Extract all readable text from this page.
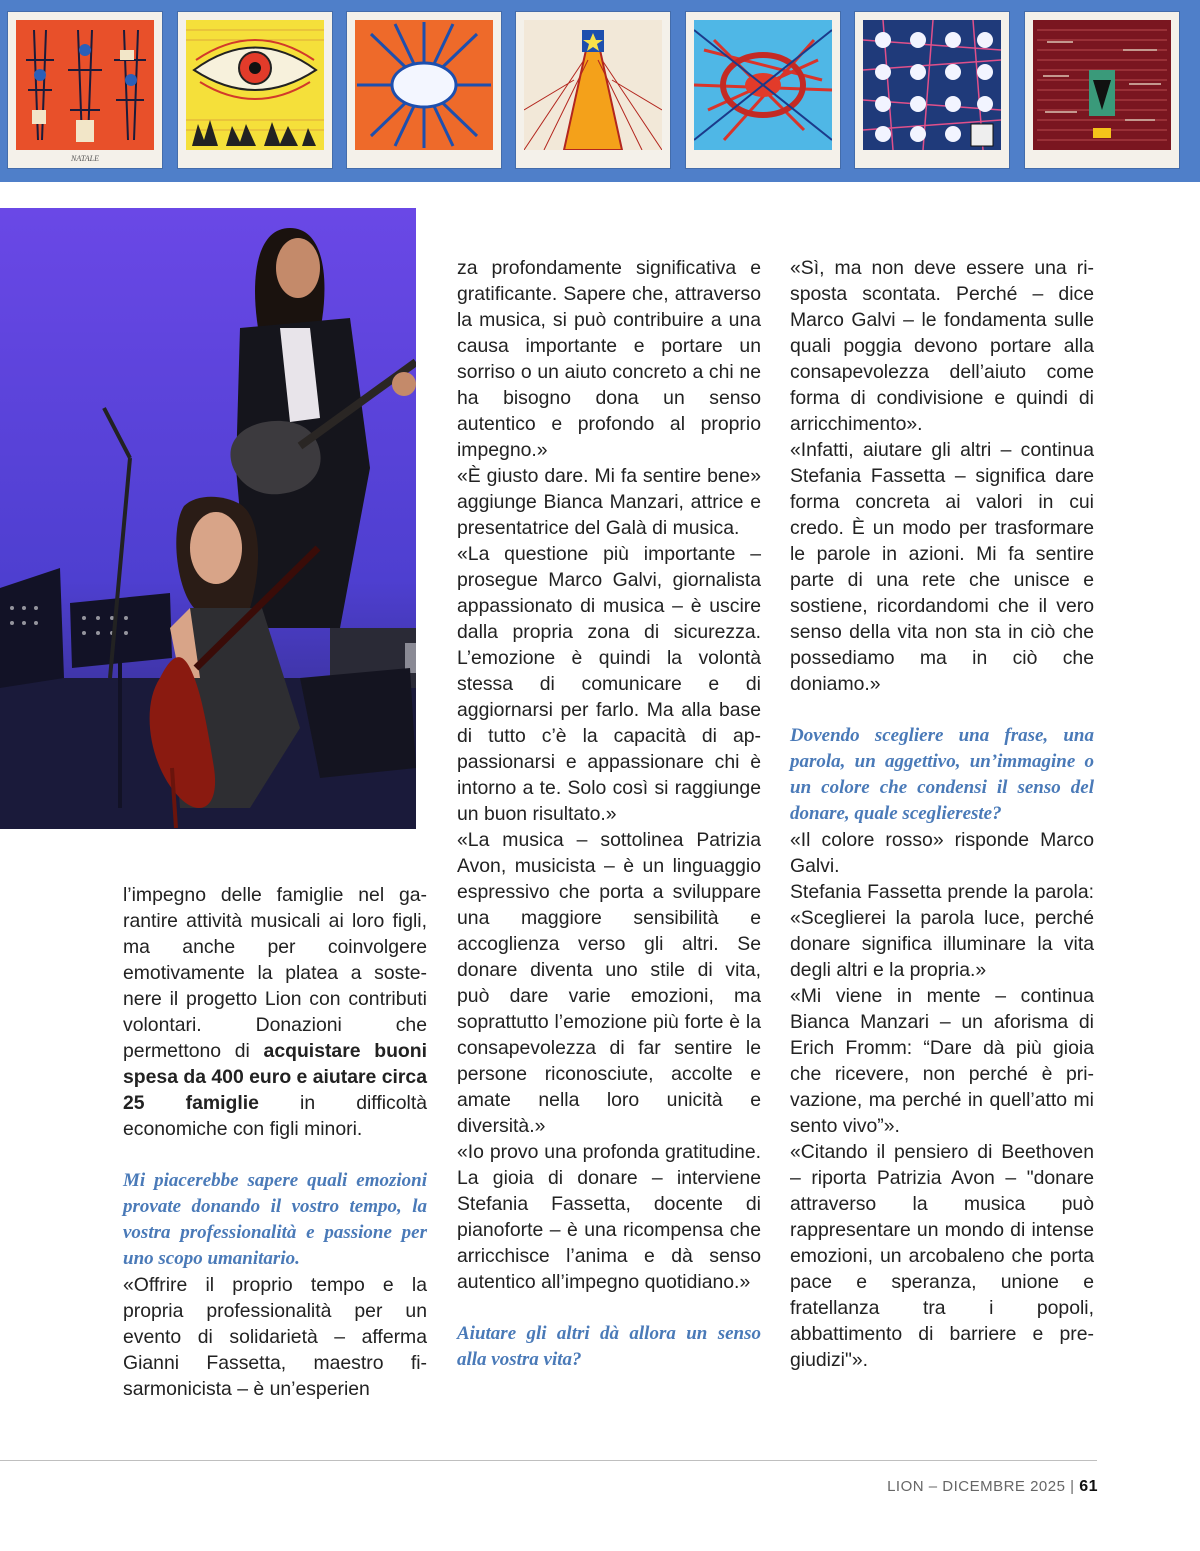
NATALE

l’impegno delle famiglie nel garantire attività musicali ai loro figli, ma anche per coinvolgere emotivamente la platea a sostenere il progetto Lion con contributi volontari. Donazioni che permettono di acquistare buoni spesa da 400 euro e aiutare circa 25 famiglie in difficoltà economiche con figli minori.

Mi piacerebbe sapere quali emozioni provate donando il vostro tempo, la vostra professionalità e passione per uno scopo umanitario.

«Offrire il proprio tempo e la propria professionalità per un evento di solidarietà – afferma Gianni Fassetta, maestro fisarmonicista – è un’esperien

za profondamente significativa e gratificante. Sapere che, attraverso la musica, si può contribuire a una causa importante e portare un sorriso o un aiuto concreto a chi ne ha bisogno dona un senso autentico e profondo al proprio impegno.»

«È giusto dare. Mi fa sentire bene» aggiunge Bianca Manzari, attrice e presentatrice del Galà di musica.

«La questione più importante – prosegue Marco Galvi, giornalista appassionato di musica – è uscire dalla propria zona di sicurezza. L’emozione è quindi la volontà stessa di comunicare e di aggiornarsi per farlo. Ma alla base di tutto c’è la capacità di appassionarsi e appassionare chi è intorno a te. Solo così si raggiunge un buon risultato.»

«La musica – sottolinea Patrizia Avon, musicista – è un linguaggio espressivo che porta a sviluppare una maggiore sensibilità e accoglienza verso gli altri. Se donare diventa uno stile di vita, può dare varie emozioni, ma soprattutto l’emozione più forte è la consapevolezza di far sentire le persone riconosciute, accolte e amate nella loro unicità e diversità.»

«Io provo una profonda gratitudine. La gioia di donare – interviene Stefania Fassetta, docente di pianoforte – è una ricompensa che arricchisce l’anima e dà senso autentico all’impegno quotidiano.»

Aiutare gli altri dà allora un senso alla vostra vita?

«Sì, ma non deve essere una risposta scontata. Perché – dice Marco Galvi – le fondamenta sulle quali poggia devono portare alla consapevolezza dell’aiuto come forma di condivisione e quindi di arricchimento».

«Infatti, aiutare gli altri – continua Stefania Fassetta – significa dare forma concreta ai valori in cui credo. È un modo per trasformare le parole in azioni. Mi fa sentire parte di una rete che unisce e sostiene, ricordandomi che il vero senso della vita non sta in ciò che possediamo ma in ciò che doniamo.»

Dovendo scegliere una frase, una parola, un aggettivo, un’immagine o un colore che condensi il senso del donare, quale scegliereste?

«Il colore rosso» risponde Marco Galvi.

Stefania Fassetta prende la parola: «Sceglierei la parola luce, perché donare significa illuminare la vita degli altri e la propria.»

«Mi viene in mente – continua Bianca Manzari – un aforisma di Erich Fromm: “Dare dà più gioia che ricevere, non perché è privazione, ma perché in quell’atto mi sento vivo”».

«Citando il pensiero di Beethoven – riporta Patrizia Avon – "donare attraverso la musica può rappresentare un mondo di intense emozioni, un arcobaleno che porta pace e speranza, unione e fratellanza tra i popoli, abbattimento di barriere e pregiudizi"».

LION – DICEMBRE 2025 | 61
